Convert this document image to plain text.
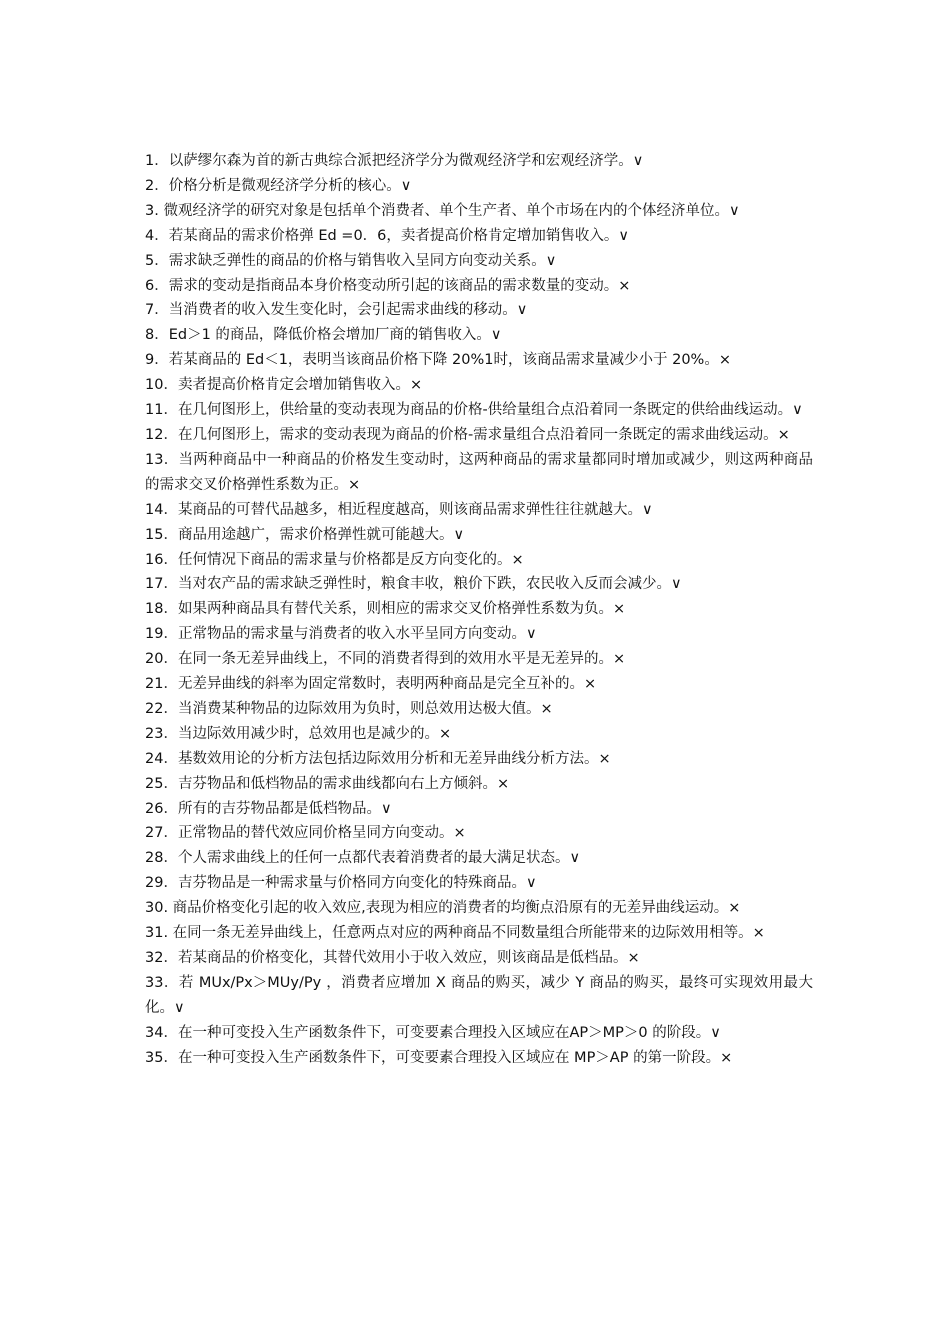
1．以萨缪尔森为首的新古典综合派把经济学分为微观经济学和宏观经济学。∨

2．价格分析是微观经济学分析的核心。∨

3. 微观经济学的研究对象是包括单个消费者、单个生产者、单个市场在内的个体经济单位。∨

4．若某商品的需求价格弹 Ed =0．6，卖者提高价格肯定增加销售收入。∨

5．需求缺乏弹性的商品的价格与销售收入呈同方向变动关系。∨

6．需求的变动是指商品本身价格变动所引起的该商品的需求数量的变动。×

7．当消费者的收入发生变化时，会引起需求曲线的移动。∨

8．Ed＞1 的商品，降低价格会增加厂商的销售收入。∨

9．若某商品的 Ed＜1，表明当该商品价格下降 20%1时，该商品需求量减少小于 20%。×

10．卖者提高价格肯定会增加销售收入。×

11．在几何图形上，供给量的变动表现为商品的价格-供给量组合点沿着同一条既定的供给曲线运动。∨

12．在几何图形上，需求的变动表现为商品的价格-需求量组合点沿着同一条既定的需求曲线运动。×

13．当两种商品中一种商品的价格发生变动时，这两种商品的需求量都同时增加或减少，则这两种商品的需求交叉价格弹性系数为正。×

14．某商品的可替代品越多，相近程度越高，则该商品需求弹性往往就越大。∨

15．商品用途越广，需求价格弹性就可能越大。∨

16．任何情况下商品的需求量与价格都是反方向变化的。×

17．当对农产品的需求缺乏弹性时，粮食丰收，粮价下跌，农民收入反而会减少。∨

18．如果两种商品具有替代关系，则相应的需求交叉价格弹性系数为负。×

19．正常物品的需求量与消费者的收入水平呈同方向变动。∨

20．在同一条无差异曲线上，不同的消费者得到的效用水平是无差异的。×

21．无差异曲线的斜率为固定常数时，表明两种商品是完全互补的。×

22．当消费某种物品的边际效用为负时，则总效用达极大值。×

23．当边际效用减少时，总效用也是减少的。×

24．基数效用论的分析方法包括边际效用分析和无差异曲线分析方法。×

25．吉芬物品和低档物品的需求曲线都向右上方倾斜。×

26．所有的吉芬物品都是低档物品。∨

27．正常物品的替代效应同价格呈同方向变动。×

28．个人需求曲线上的任何一点都代表着消费者的最大满足状态。∨

29．吉芬物品是一种需求量与价格同方向变化的特殊商品。∨

30. 商品价格变化引起的收入效应,表现为相应的消费者的均衡点沿原有的无差异曲线运动。×

31. 在同一条无差异曲线上，任意两点对应的两种商品不同数量组合所能带来的边际效用相等。×

32．若某商品的价格变化，其替代效用小于收入效应，则该商品是低档品。×

33．若 MUx/Px＞MUy/Py ，消费者应增加 X 商品的购买，减少 Y 商品的购买，最终可实现效用最大化。∨

34．在一种可变投入生产函数条件下，可变要素合理投入区域应在AP＞MP＞0 的阶段。∨

35．在一种可变投入生产函数条件下，可变要素合理投入区域应在 MP＞AP 的第一阶段。×
